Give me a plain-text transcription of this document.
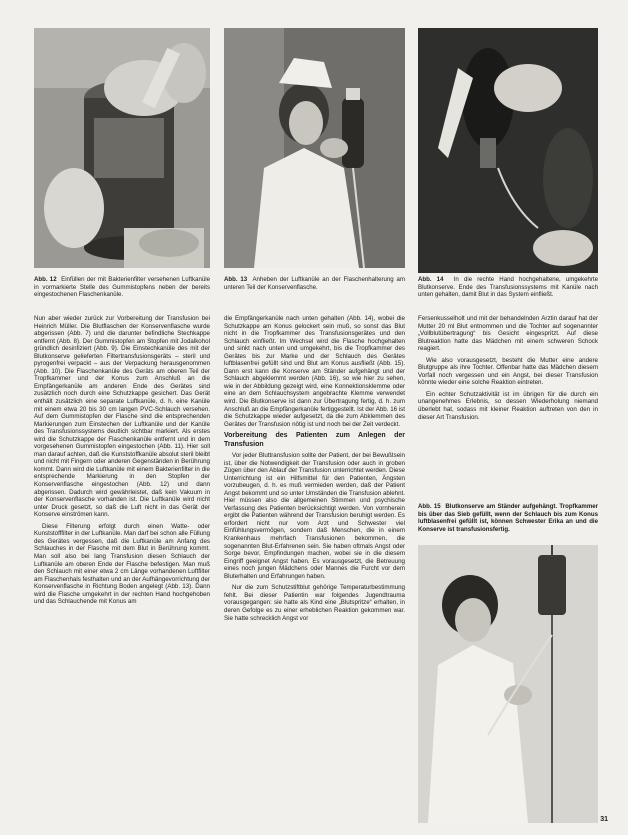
Abb. 12 Einfüllen der mit Bakterienfilter versehenen Luftkanüle in vormarkierte Stelle des Gummistopfens neben der bereits eingestochenen Flaschenkanüle.
Abb. 13 Anheben der Luftkanüle an der Flaschenhalterung am unteren Teil der Konservenflasche.
Abb. 14 In die rechte Hand hochgehaltene, umgekehrte Blutkonserve. Ende des Transfusionssystems mit Kanüle nach unten gehalten, damit Blut in das System einfließt.

Nun aber wieder zurück zur Vorbereitung der Transfusion bei Heinrich Müller. Die Blutflaschen der Konservenflasche wurde abgerissen (Abb. 7) und die darunter befindliche Stechkappe entfernt (Abb. 8). Der Gummistopfen am Stopfen mit Jodalkohol gründlich desinfiziert (Abb. 9). Die Einstechkanüle des mit der Blutkonserve gelieferten Filtertransfusionsgeräts – steril und pyrogenfrei verpackt – aus der Verpackung herausgenommen (Abb. 10). Die Flaschenkanüle des Geräts am oberen Teil der Tropfkammer und der Konus zum Anschluß an die Empfängerkanüle am anderen Ende des Gerätes sind zusätzlich noch durch eine Schutzkappe gesichert. Das Gerät enthält zusätzlich eine separate Luftkanüle, d. h. eine Kanüle mit einem etwa 20 bis 30 cm langen PVC-Schlauch versehen. Auf dem Gummistopfen der Flasche sind die entsprechenden Markierungen zum Einstechen der Luftkanüle und der Kanüle des Transfusionssystems deutlich sichtbar markiert. Als erstes wird die Schutzkappe der Flaschenkanüle entfernt und in dem vorgesehenen Gummistopfen eingestochen (Abb. 11). Hier soll man darauf achten, daß die Kunststoffkanüle absolut steril bleibt und nicht mit Fingern oder anderen Gegenständen in Berührung kommt. Dann wird die Luftkanüle mit einem Bakterienfilter in die entsprechende Markierung in den Stopfen der Konservenflasche eingestochen (Abb. 12) und dann abgerissen. Dadurch wird gewährleistet, daß kein Vakuum in der Konservenflasche vorhanden ist. Die Luftkanüle wird nicht unter Druck gesetzt, so daß die Luft nicht in das Gerät der Konserve einströmen kann.

Diese Filterung erfolgt durch einen Watte- oder Kunststofffilter in der Luftkanüle. Man darf bei schon alle Füllung des Gerätes vergessen, daß die Luftkanüle am Anfang des Schlauches in der Flasche mit dem Blut in Berührung kommt. Man soll also bei lang Transfusion diesen Schlauch der Luftkanüle am oberen Ende der Flasche befestigen. Man muß den Schlauch mit einer etwa 2 cm Länge vorhandenen Luftfilter am Flaschenhals festhalten und an der Aufhängevorrichtung der Konservenflasche in Richtung Boden angelegt (Abb. 13). Dann wird die Flasche umgekehrt in der rechten Hand hochgehoben und das Schlauchende mit Konus am

die Empfängerkanüle nach unten gehalten (Abb. 14), wobei die Schutzkappe am Konus gelockert sein muß, so sonst das Blut nicht in die Tropfkammer des Transfusionsgerätes und den Schlauch einfließt. Im Wechsel wird die Flasche hochgehalten und sinkt nach unten und umgekehrt, bis die Tropfkammer des Gerätes bis zur Marke und der Schlauch des Gerätes luftblasenfrei gefüllt sind und Blut am Konus ausfließt (Abb. 15). Dann erst kann die Konserve am Ständer aufgehängt und der Schlauch abgeklemmt werden (Abb. 16), so wie hier zu sehen, wie in der Abbildung gezeigt wird, eine Konnektionsklemme oder eine an dem Schlauchsystem angebrachte Klemme verwendet wird. Die Blutkonserve ist dann zur Übertragung fertig, d. h. zum Anschluß an die Empfängerkanüle fertiggestellt. Ist der Abb. 16 ist die Schutzkappe wieder aufgesetzt, da die zum Abklemmen des Gerätes der Transfusion nötig ist und noch bei der Zeit verdeckt.

Vorbereitung des Patienten zum Anlegen der Transfusion

Vor jeder Bluttransfusion sollte der Patient, der bei Bewußtsein ist, über die Notwendigkeit der Transfusion oder auch in groben Zügen über den Ablauf der Transfusion unterrichtet werden. Diese Unterrichtung ist ein Hilfsmittel für den Patienten, Ängsten vorzubeugen, d. h. es muß vermieden werden, daß der Patient Angst bekommt und so unter Umständen die Transfusion ablehnt. Hier müssen also die allgemeinen Stimmen und psychische Verfassung des Patienten berücksichtigt werden. Von vornherein ergibt die Patienten während der Transfusion beruhigt werden. Es erfordert nicht nur vom Arzt und Schwester viel Einfühlungsvermögen, sondern daß Menschen, die in einem Krankenhaus mehrfach Transfusionen bekommen, die sogenannten Blut-Erfahrenen sein. Sie haben oftmals Angst oder Sorge bevor, Empfindungen machen, wobei sie in die diesem Eingriff geeignet Angst haben. Es vorausgesetzt, die Betreuung eines noch jungen Mädchens oder Mannes die Furcht vor dem Bluterhalten und Erfahrungen haben.

Nur die zum Schutzstiftblut gehörige Temperaturbestimmung fehlt. Bei dieser Patientin war folgendes Jugendtrauma vorausgegangen: sie hatte als Kind eine „Blutspritze“ erhalten, in deren Gefolge es zu einer erheblichen Reaktion gekommen war. Sie hatte schrecklich Angst vor

Fersenkusselholt und mit der behandelnden Ärztin darauf hat der Mutter 20 ml Blut entnommen und die Tochter auf sogenannter „Vollblutübertragung“ bis Gesicht eingespritzt. Auf diese Blutreaktion hatte das Mädchen mit einem schweren Schock reagiert.

Wie also vorausgesetzt, besteht die Mutter eine andere Blutgruppe als ihre Tochter. Offenbar hatte das Mädchen diesem Vorfall noch vergessen und ein Angst, bei dieser Transfusion könnte wieder eine solche Reaktion eintreten.

Ein echter Schutzaktivität ist im übrigen für die durch ein unangenehmes Erlebnis, so dessen Wiederholung niemand überlebt hat, sodass mit kleiner Reaktion auftreten von den in dieser Art Transfusion.

Abb. 15 Blutkonserve am Ständer aufgehängt. Tropfkammer bis über das Sieb gefüllt, wenn der Schlauch bis zum Konus luftblasenfrei gefüllt ist, können Schwester Erika an und die Konserve ist transfusionsfertig.
31
